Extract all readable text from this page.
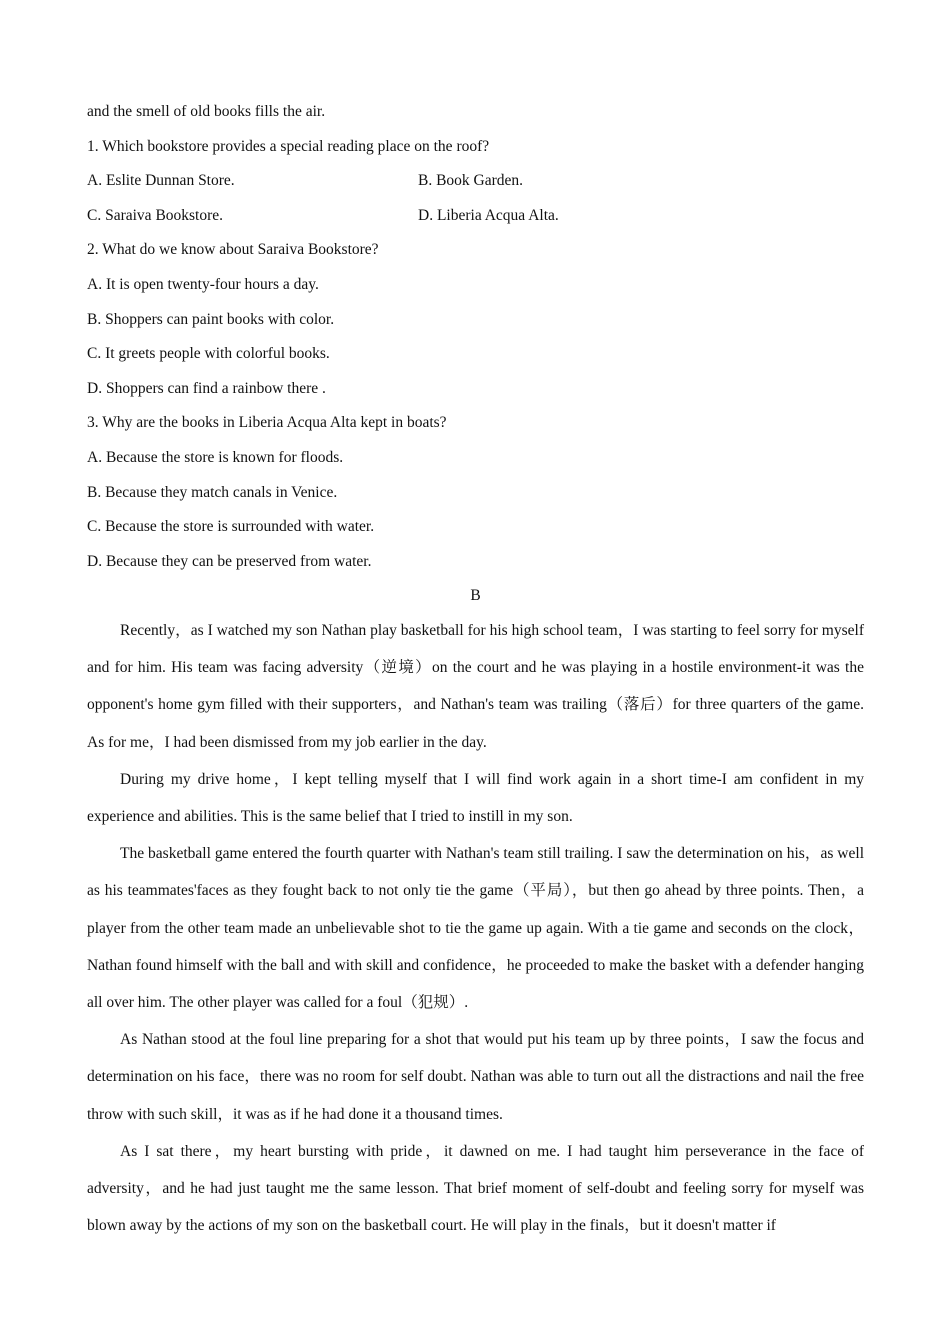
and the smell of old books fills the air.
1. Which bookstore provides a special reading place on the roof?
A. Eslite Dunnan Store.	B. Book Garden.
C. Saraiva Bookstore.	D. Liberia Acqua Alta.
2. What do we know about Saraiva Bookstore?
A. It is open twenty-four hours a day.
B. Shoppers can paint books with color.
C. It greets people with colorful books.
D. Shoppers can find a rainbow there .
3. Why are the books in Liberia Acqua Alta kept in boats?
A. Because the store is known for floods.
B. Because they match canals in Venice.
C. Because the store is surrounded with water.
D. Because they can be preserved from water.
B

Recently，as I watched my son Nathan play basketball for his high school team，I was starting to feel sorry for myself and for him. His team was facing adversity（逆境）on the court and he was playing in a hostile environment-it was the opponent's home gym filled with their supporters，and Nathan's team was trailing（落后）for three quarters of the game. As for me，I had been dismissed from my job earlier in the day.

During my drive home，I kept telling myself that I will find work again in a short time-I am confident in my experience and abilities. This is the same belief that I tried to instill in my son.

The basketball game entered the fourth quarter with Nathan's team still trailing. I saw the determination on his，as well as his teammates'faces as they fought back to not only tie the game（平局），but then go ahead by three points. Then，a player from the other team made an unbelievable shot to tie the game up again. With a tie game and seconds on the clock，Nathan found himself with the ball and with skill and confidence，he proceeded to make the basket with a defender hanging all over him. The other player was called for a foul（犯规）.

As Nathan stood at the foul line preparing for a shot that would put his team up by three points，I saw the focus and determination on his face，there was no room for self doubt. Nathan was able to turn out all the distractions and nail the free throw with such skill，it was as if he had done it a thousand times.

As I sat there，my heart bursting with pride，it dawned on me. I had taught him perseverance in the face of adversity，and he had just taught me the same lesson. That brief moment of self-doubt and feeling sorry for myself was blown away by the actions of my son on the basketball court. He will play in the finals，but it doesn't matter if
